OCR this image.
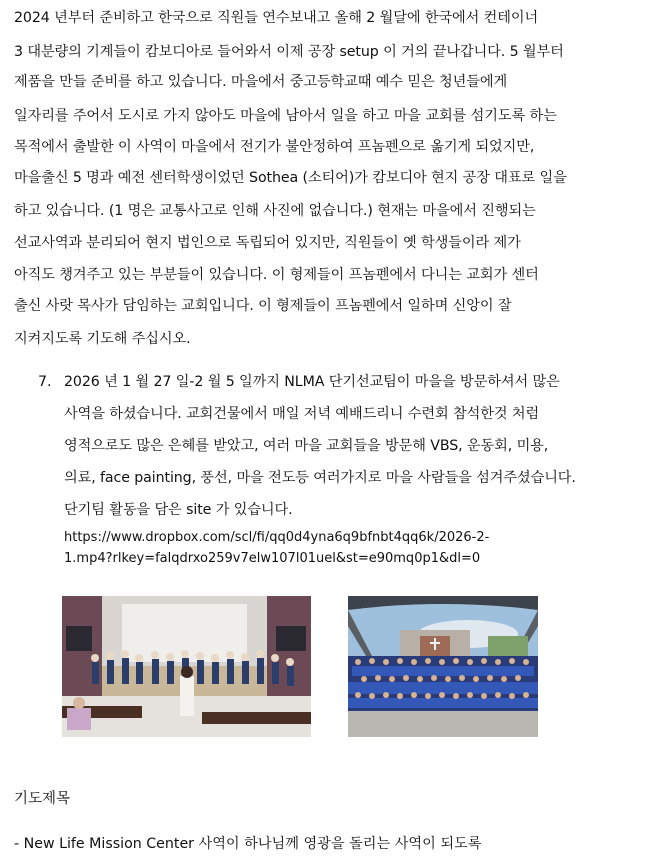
2024 년부터 준비하고 한국으로 직원들 연수보내고 올해 2 월달에 한국에서 컨테이너
3 대분량의 기계들이 캄보디아로 들어와서 이제 공장 setup 이 거의 끝나갑니다. 5 월부터
제품을 만들 준비를 하고 있습니다. 마을에서 중고등학교때 예수 믿은 청년들에게
일자리를 주어서 도시로 가지 않아도 마을에 남아서 일을 하고 마을 교회를 섬기도록 하는
목적에서 출발한 이 사역이 마을에서 전기가 불안정하여 프놈펜으로 옮기게 되었지만,
마을출신 5 명과 예전 센터학생이었던 Sothea (소티어)가 캄보디아 현지 공장 대표로 일을
하고 있습니다. (1 명은 교통사고로 인해 사진에 없습니다.) 현재는 마을에서 진행되는
선교사역과 분리되어 현지 법인으로 독립되어 있지만, 직원들이 옛 학생들이라 제가
아직도 챙겨주고 있는 부분들이 있습니다. 이 형제들이 프놈펜에서 다니는 교회가 센터
출신 사랏 목사가 담임하는 교회입니다. 이 형제들이 프놈펜에서 일하며 신앙이 잘
지켜지도록 기도해 주십시오.
7. 2026 년 1 월 27 일-2 월 5 일까지 NLMA 단기선교팀이 마을을 방문하셔서 많은
사역을 하셨습니다. 교회건물에서 매일 저녁 예배드리니 수련회 참석한것 처럼
영적으로도 많은 은혜를 받았고, 여러 마을 교회들을 방문해 VBS, 운동회, 미용,
의료, face painting, 풍선, 마을 전도등 여러가지로 마을 사람들을 섬겨주셨습니다.
단기팀 활동을 담은 site 가 있습니다.
https://www.dropbox.com/scl/fi/qq0d4yna6q9bfnbt4qq6k/2026-2-
1.mp4?rlkey=falqdrxo259v7elw107l01uel&st=e90mq0p1&dl=0
기도제목
- New Life Mission Center 사역이 하나님께 영광을 돌리는 사역이 되도록
